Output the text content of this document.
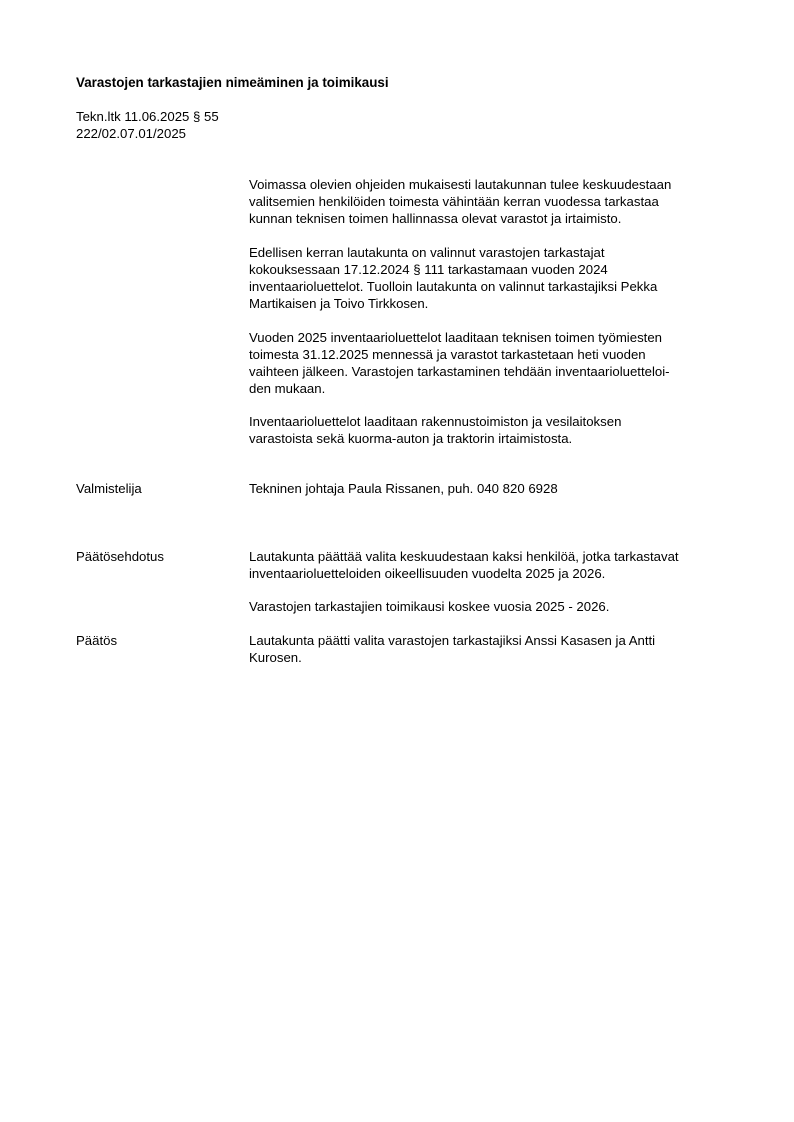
Varastojen tarkastajien nimeäminen ja toimikausi
Tekn.ltk 11.06.2025 § 55
222/02.07.01/2025
Voimassa olevien ohjeiden mukaisesti lautakunnan tulee keskuudestaan
valitsemien henkilöiden toimesta vähintään kerran vuodessa tarkastaa
kunnan teknisen toimen hallinnassa olevat varastot ja irtaimisto.
Edellisen kerran lautakunta on valinnut varastojen tarkastajat
kokouksessaan 17.12.2024 § 111 tarkastamaan vuoden 2024
inventaarioluettelot. Tuolloin lautakunta on valinnut tarkastajiksi Pekka
Martikaisen ja Toivo Tirkkosen.
Vuoden 2025 inventaarioluettelot laaditaan teknisen toimen työmiesten
toimesta 31.12.2025 mennessä ja varastot tarkastetaan heti vuoden
vaihteen jälkeen. Varastojen tarkastaminen tehdään inventaarioluetteloi-
den mukaan.
Inventaarioluettelot laaditaan rakennustoimiston ja vesilaitoksen
varastoista sekä kuorma-auton ja traktorin irtaimistosta.
Valmistelija	Tekninen johtaja Paula Rissanen, puh. 040 820 6928
Päätösehdotus	Lautakunta päättää valita keskuudestaan kaksi henkilöä, jotka tarkastavat
inventaarioluetteloiden oikeellisuuden vuodelta 2025 ja 2026.
Varastojen tarkastajien toimikausi koskee vuosia 2025 - 2026.
Päätös	Lautakunta päätti valita varastojen tarkastajiksi Anssi Kasasen ja Antti
Kurosen.
